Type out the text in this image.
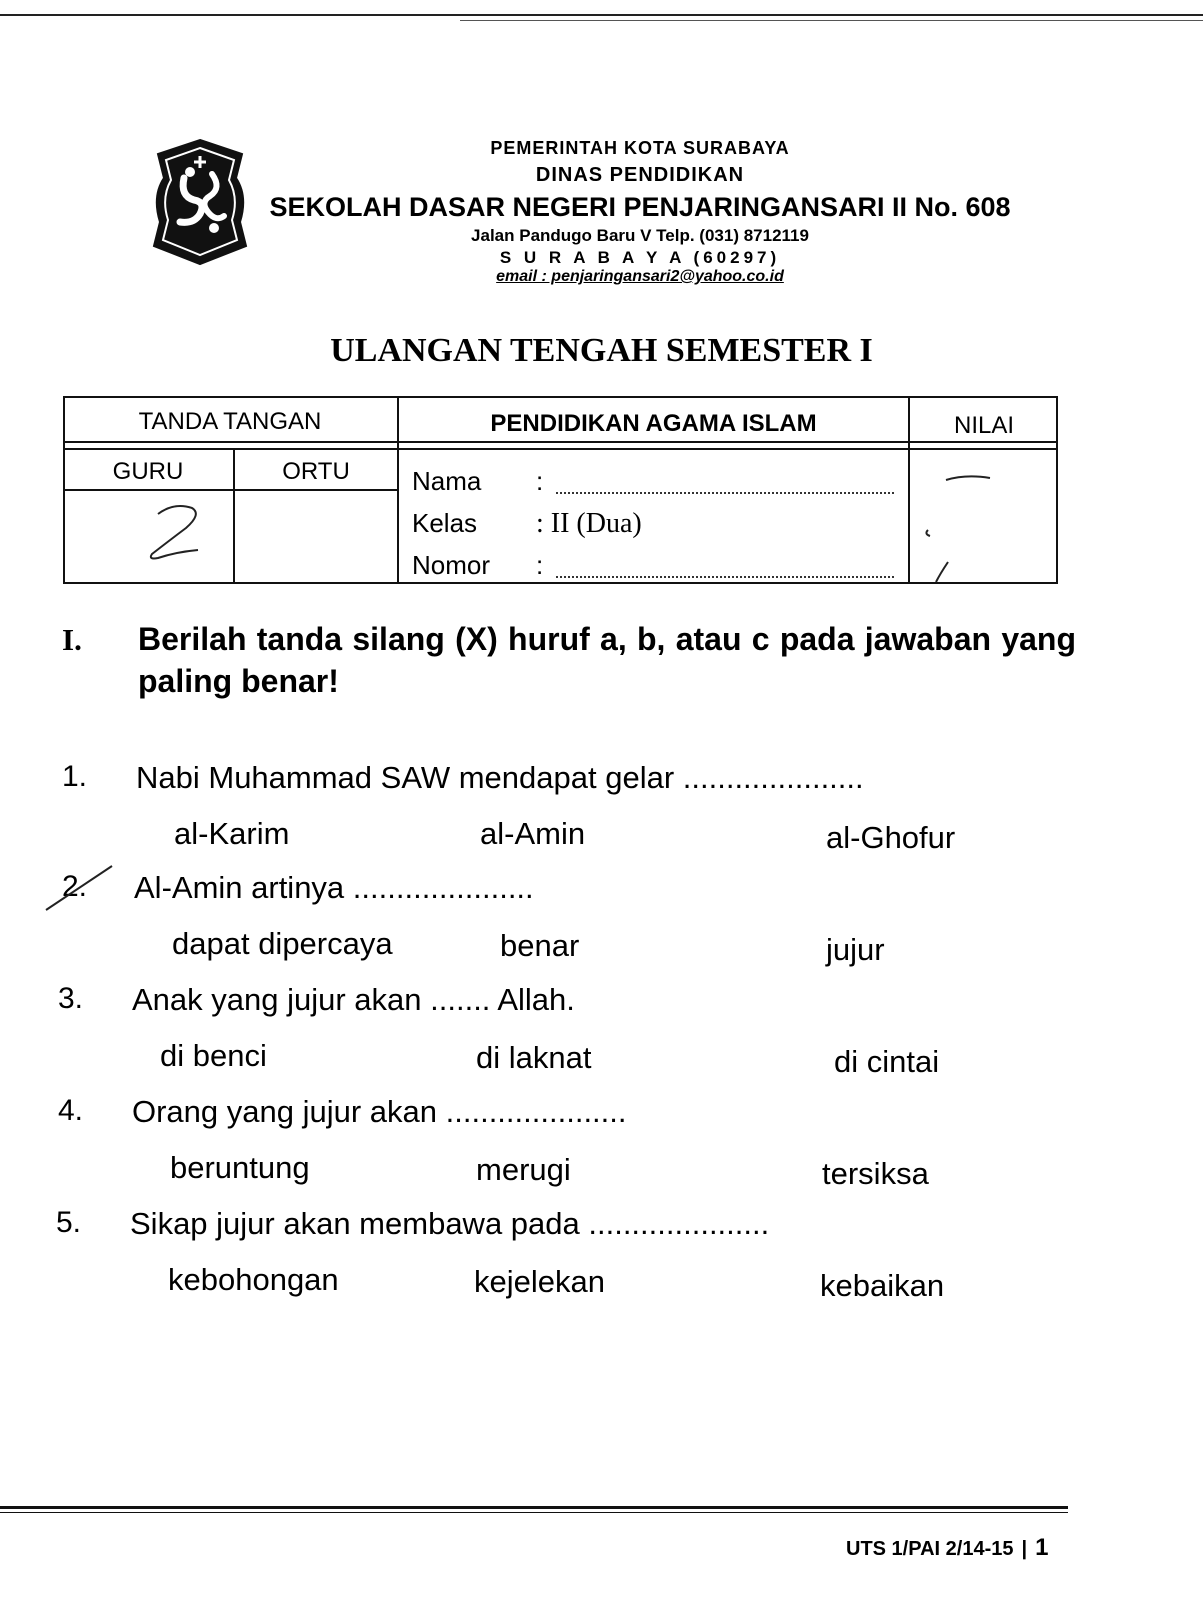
PEMERINTAH KOTA SURABAYA
DINAS PENDIDIKAN
SEKOLAH DASAR NEGERI PENJARINGANSARI II No. 608
Jalan Pandugo Baru V Telp. (031) 8712119
S U R A B A Y A (60297)
email : penjaringansari2@yahoo.co.id
ULANGAN TENGAH SEMESTER I
TANDA TANGAN	PENDIDIKAN AGAMA ISLAM	NILAI
GURU	ORTU	Nama :
Kelas : II (Dua)
Nomor :
I. Berilah tanda silang (X) huruf a, b, atau c pada jawaban yang paling benar!
1. Nabi Muhammad SAW mendapat gelar .....................
al-Karim	al-Amin	al-Ghofur
2. Al-Amin artinya .....................
dapat dipercaya	benar	jujur
3. Anak yang jujur akan ....... Allah.
di benci	di laknat	di cintai
4. Orang yang jujur akan .....................
beruntung	merugi	tersiksa
5. Sikap jujur akan membawa pada .....................
kebohongan	kejelekan	kebaikan
UTS 1/PAI 2/14-15 | 1
